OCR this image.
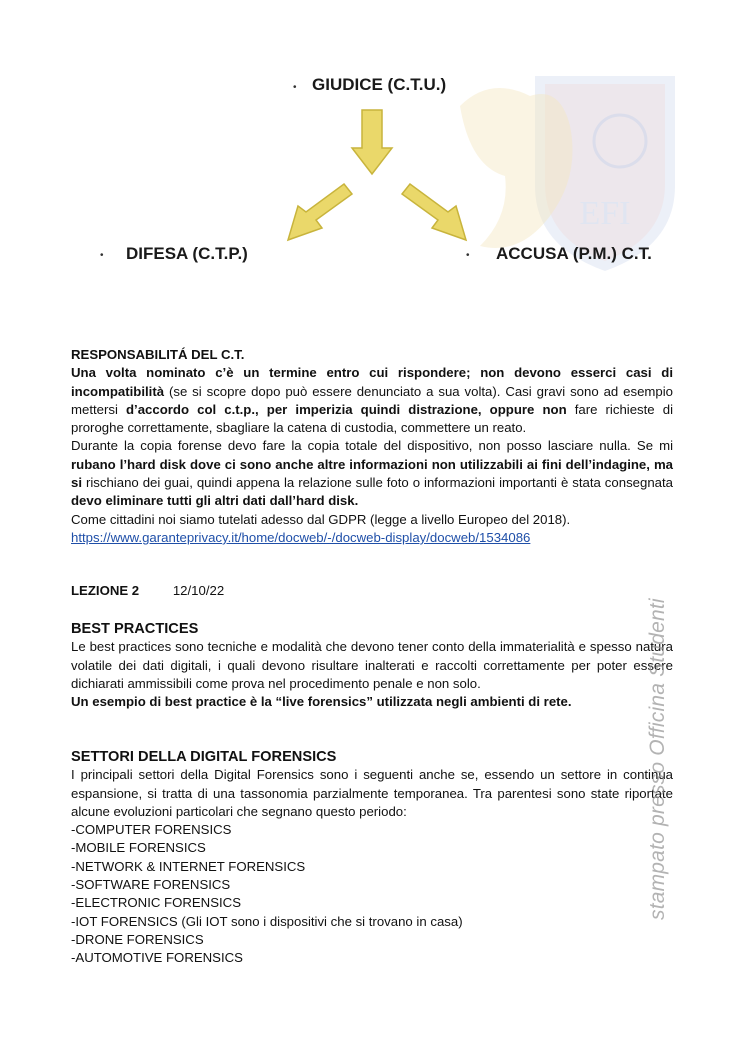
EFI
• GIUDICE (C.T.U.)
• DIFESA (C.T.P.)	• ACCUSA (P.M.) C.T.

RESPONSABILITÁ DEL C.T.

Una volta nominato c’è un termine entro cui rispondere; non devono esserci casi di incompatibilità (se si scopre dopo può essere denunciato a sua volta). Casi gravi sono ad esempio mettersi d’accordo col c.t.p., per imperizia quindi distrazione, oppure non fare richieste di proroghe correttamente, sbagliare la catena di custodia, commettere un reato.

Durante la copia forense devo fare la copia totale del dispositivo, non posso lasciare nulla. Se mi rubano l’hard disk dove ci sono anche altre informazioni non utilizzabili ai fini dell’indagine, ma si rischiano dei guai, quindi appena la relazione sulle foto o informazioni importanti è stata consegnata devo eliminare tutti gli altri dati dall’hard disk.

Come cittadini noi siamo tutelati adesso dal GDPR (legge a livello Europeo del 2018).

https://www.garanteprivacy.it/home/docweb/-/docweb-display/docweb/1534086

LEZIONE 2	12/10/22

BEST PRACTICES

Le best practices sono tecniche e modalità che devono tener conto della immaterialità e spesso natura volatile dei dati digitali, i quali devono risultare inalterati e raccolti correttamente per poter essere dichiarati ammissibili come prova nel procedimento penale e non solo.

Un esempio di best practice è la “live forensics” utilizzata negli ambienti di rete.

SETTORI DELLA DIGITAL FORENSICS

I principali settori della Digital Forensics sono i seguenti anche se, essendo un settore in continua espansione, si tratta di una tassonomia parzialmente temporanea. Tra parentesi sono state riportate alcune evoluzioni particolari che segnano questo periodo:

-COMPUTER FORENSICS
-MOBILE FORENSICS
-NETWORK & INTERNET FORENSICS
-SOFTWARE FORENSICS
-ELECTRONIC FORENSICS
-IOT FORENSICS (Gli IOT sono i dispositivi che si trovano in casa)
-DRONE FORENSICS
-AUTOMOTIVE FORENSICS
stampato presso Officina Studenti
